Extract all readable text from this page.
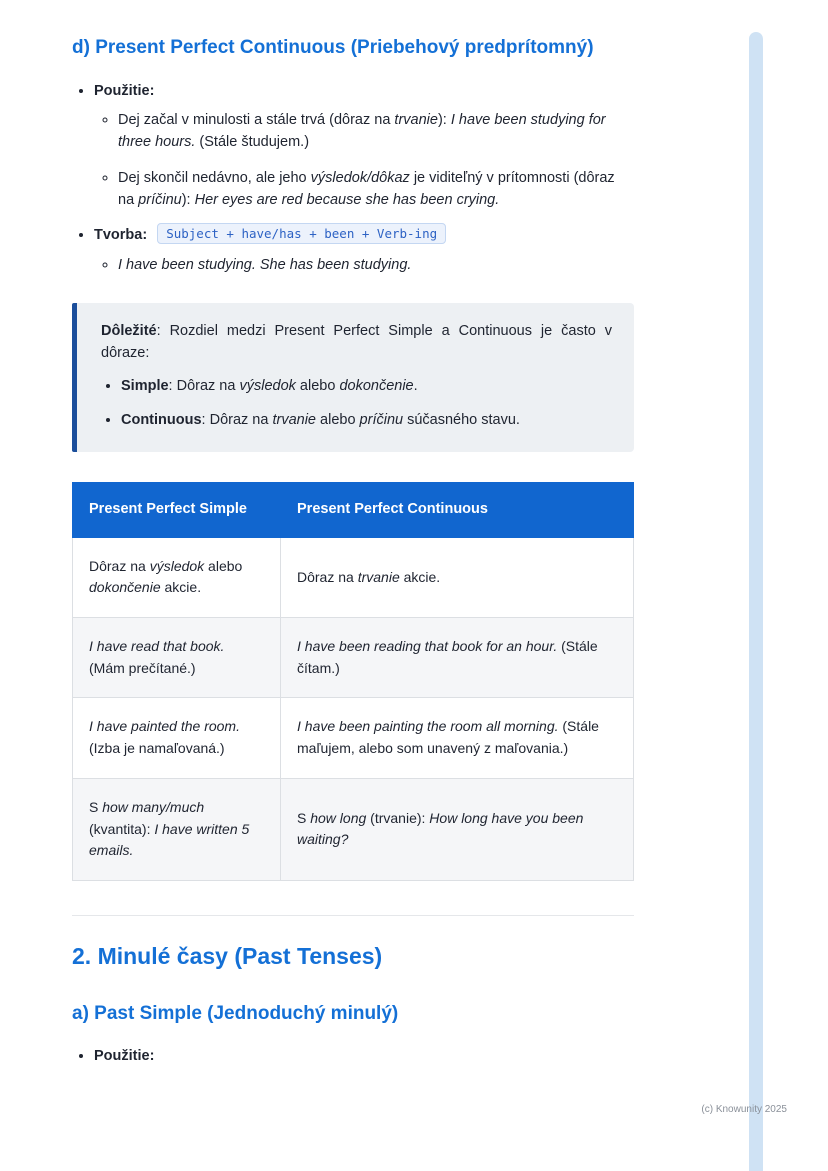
d) Present Perfect Continuous (Priebehový predprítomný)
• Použitie:
◦ Dej začal v minulosti a stále trvá (dôraz na trvanie): I have been studying for three hours. (Stále študujem.)
◦ Dej skončil nedávno, ale jeho výsledok/dôkaz je viditeľný v prítomnosti (dôraz na príčinu): Her eyes are red because she has been crying.
• Tvorba: Subject + have/has + been + Verb-ing
◦ I have been studying. She has been studying.

Dôležité: Rozdiel medzi Present Perfect Simple a Continuous je často v dôraze:

• Simple: Dôraz na výsledok alebo dokončenie.
• Continuous: Dôraz na trvanie alebo príčinu súčasného stavu.
Present Perfect Simple	Present Perfect Continuous
Dôraz na výsledok alebo dokončenie akcie.	Dôraz na trvanie akcie.
I have read that book. (Mám prečítané.)	I have been reading that book for an hour. (Stále čítam.)
I have painted the room. (Izba je namaľovaná.)	I have been painting the room all morning. (Stále maľujem, alebo som unavený z maľovania.)
S how many/much (kvantita): I have written 5 emails.	S how long (trvanie): How long have you been waiting?
2. Minulé časy (Past Tenses)
a) Past Simple (Jednoduchý minulý)
• Použitie:
(c) Knowunity 2025
